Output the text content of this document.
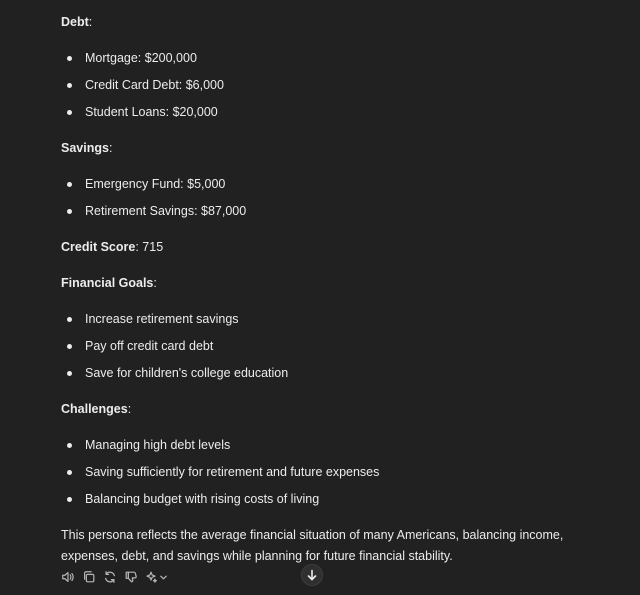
Debt:

Mortgage: $200,000
Credit Card Debt: $6,000
Student Loans: $20,000

Savings:

Emergency Fund: $5,000
Retirement Savings: $87,000

Credit Score: 715

Financial Goals:

Increase retirement savings
Pay off credit card debt
Save for children's college education

Challenges:

Managing high debt levels
Saving sufficiently for retirement and future expenses
Balancing budget with rising costs of living

This persona reflects the average financial situation of many Americans, balancing income, expenses, debt, and savings while planning for future financial stability.
